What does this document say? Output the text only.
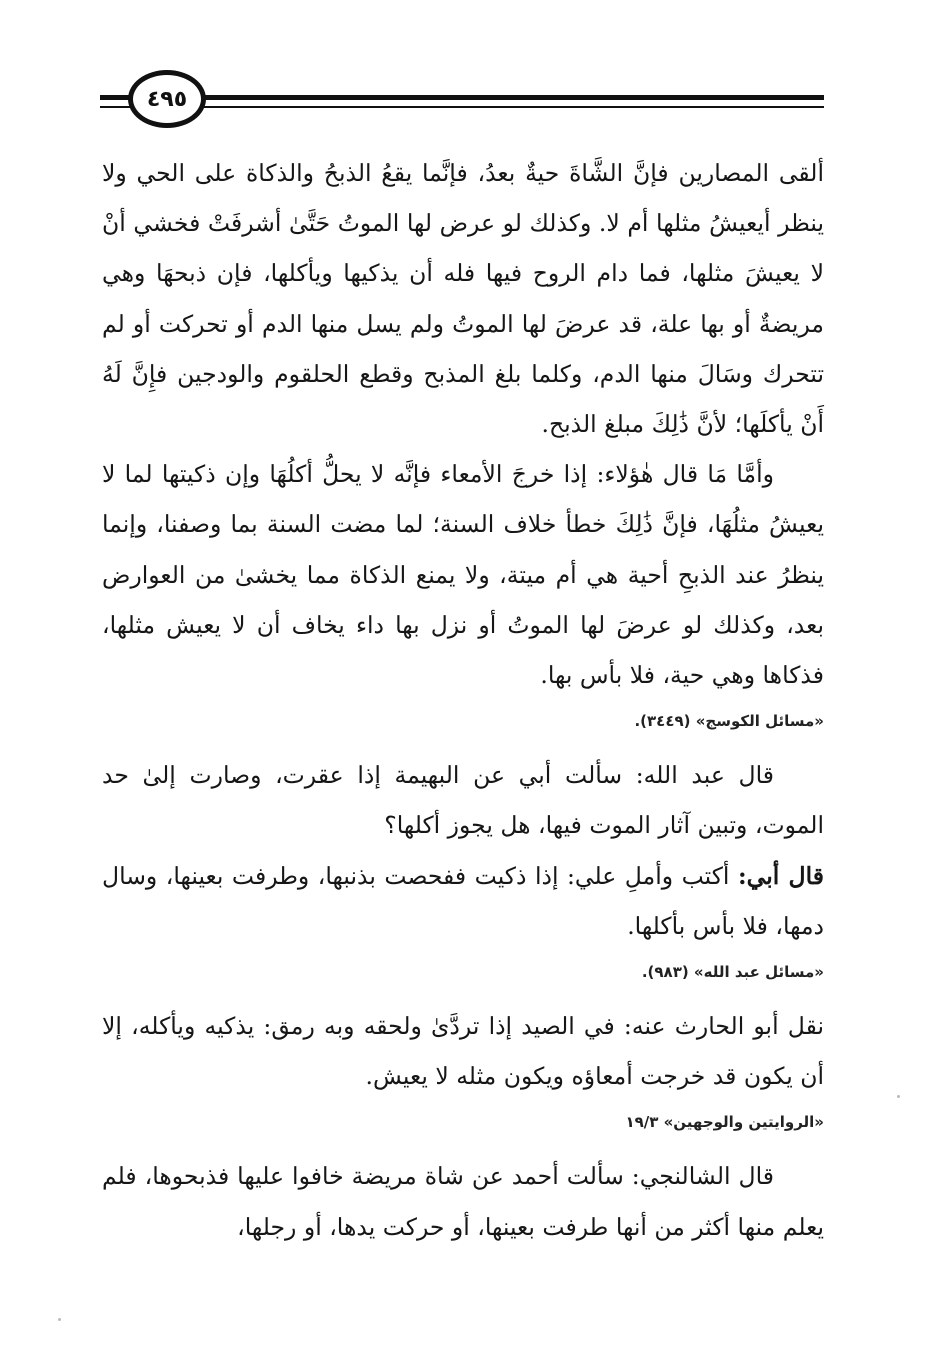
٤٩٥

ألقى المصارين فإنَّ الشَّاةَ حيةٌ بعدُ، فإنَّما يقعُ الذبحُ والذكاة على الحي ولا ينظر أيعيشُ مثلها أم لا. وكذلك لو عرض لها الموتُ حَتَّىٰ أشرفَتْ فخشي أنْ لا يعيشَ مثلها، فما دام الروح فيها فله أن يذكيها ويأكلها، فإن ذبحهَا وهي مريضةٌ أو بها علة، قد عرضَ لها الموتُ ولم يسل منها الدم أو تحركت أو لم تتحرك وسَالَ منها الدم، وكلما بلغ المذبح وقطع الحلقوم والودجين فإِنَّ لَهُ أَنْ يأكلَها؛ لأنَّ ذَٰلِكَ مبلغ الذبح.

وأمَّا مَا قال هٰؤلاء: إذا خرجَ الأمعاء فإنَّه لا يحلُّ أكلُهَا وإن ذكيتها لما لا يعيشُ مثلُهَا، فإنَّ ذَٰلِكَ خطأ خلاف السنة؛ لما مضت السنة بما وصفنا، وإنما ينظرُ عند الذبحِ أحية هي أم ميتة، ولا يمنع الذكاة مما يخشىٰ من العوارض بعد، وكذلك لو عرضَ لها الموتُ أو نزل بها داء يخاف أن لا يعيش مثلها، فذكاها وهي حية، فلا بأس بها.

«مسائل الكوسج» (٣٤٤٩).

قال عبد الله: سألت أبي عن البهيمة إذا عقرت، وصارت إلىٰ حد الموت، وتبين آثار الموت فيها، هل يجوز أكلها؟

قال أبي: أكتب وأملِ علي: إذا ذكيت ففحصت بذنبها، وطرفت بعينها، وسال دمها، فلا بأس بأكلها.

«مسائل عبد الله» (٩٨٣).

نقل أبو الحارث عنه: في الصيد إذا تردَّىٰ ولحقه وبه رمق: يذكيه ويأكله، إلا أن يكون قد خرجت أمعاؤه ويكون مثله لا يعيش.

«الروايتين والوجهين» ١٩/٣

قال الشالنجي: سألت أحمد عن شاة مريضة خافوا عليها فذبحوها، فلم يعلم منها أكثر من أنها طرفت بعينها، أو حركت يدها، أو رجلها،
